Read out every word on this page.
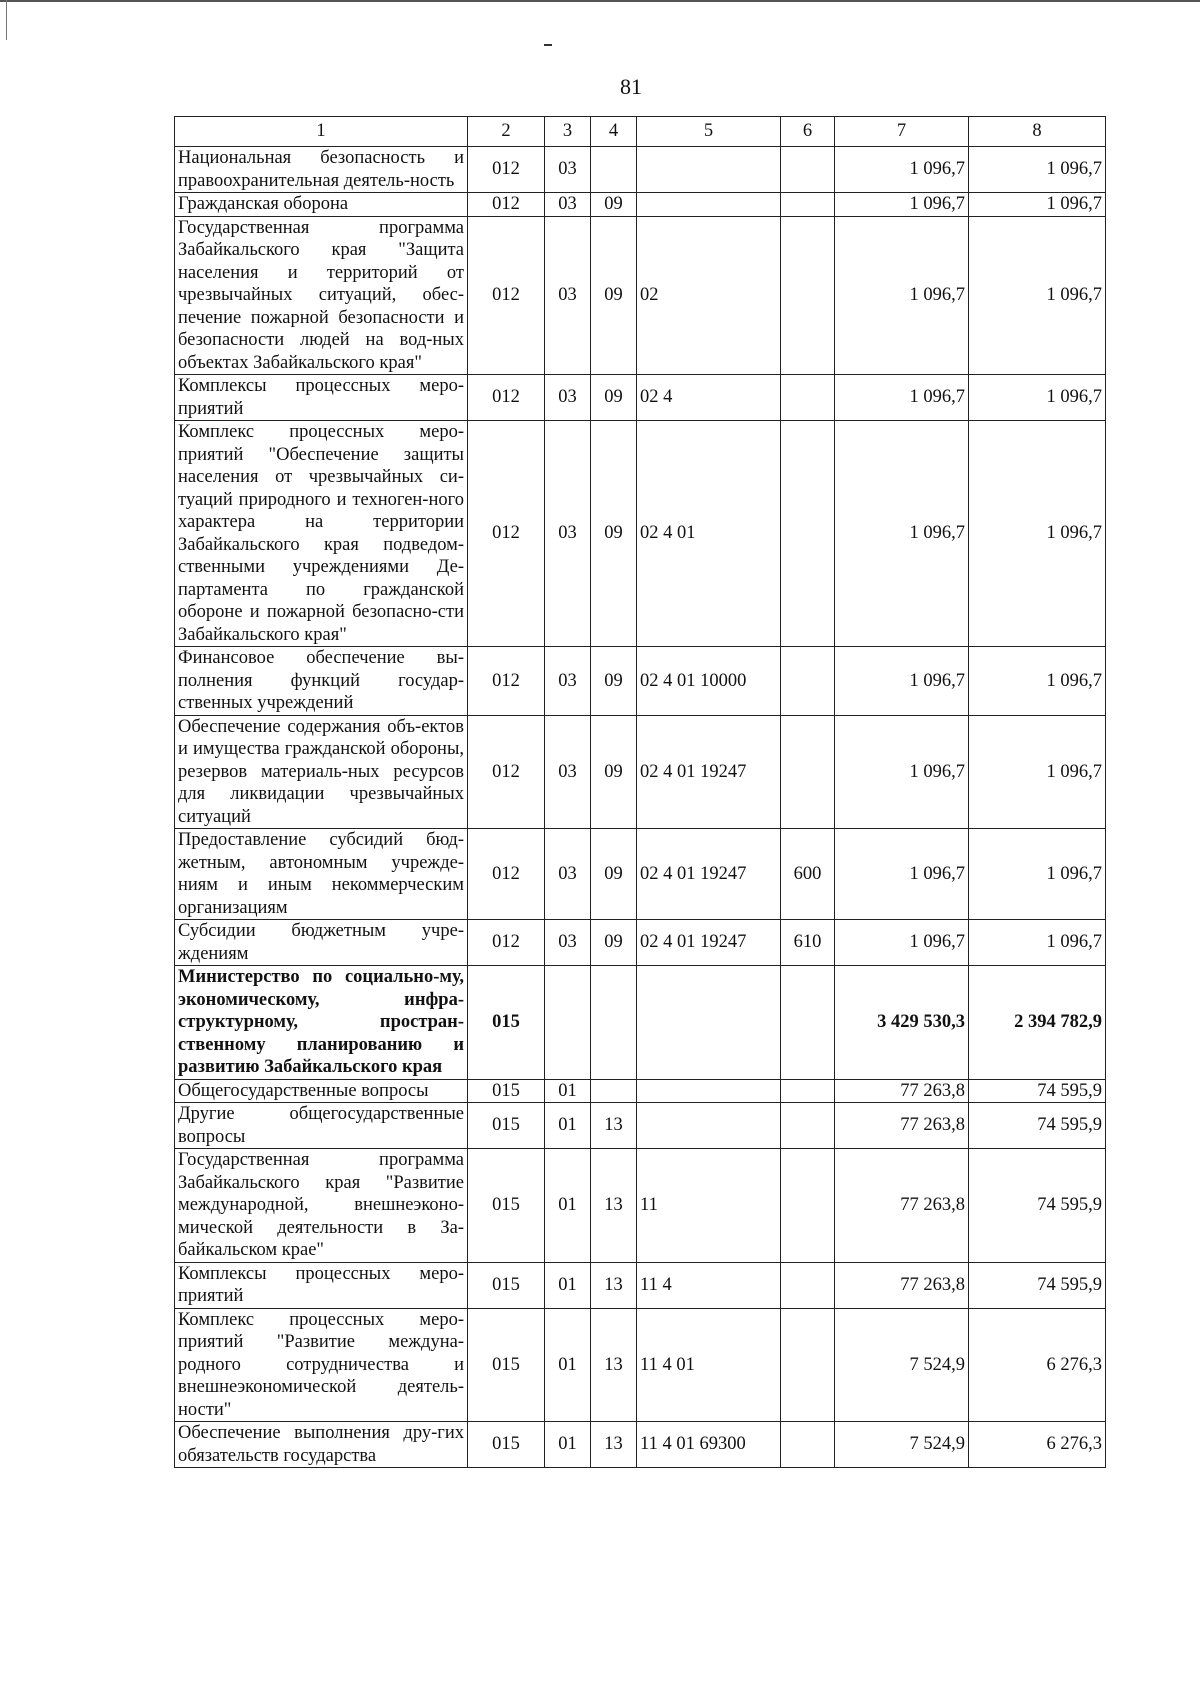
81
1	2	3	4	5	6	7	8
Национальная безопасность и правоохранительная деятель-ность	012	03				1 096,7	1 096,7
Гражданская оборона	012	03	09			1 096,7	1 096,7
Государственная программа Забайкальского края "Защита населения и территорий от чрезвычайных ситуаций, обес-печение пожарной безопасности и безопасности людей на вод-ных объектах Забайкальского края"	012	03	09	02		1 096,7	1 096,7
Комплексы процессных меро-приятий	012	03	09	02 4		1 096,7	1 096,7
Комплекс процессных меро-приятий "Обеспечение защиты населения от чрезвычайных си-туаций природного и техноген-ного характера на территории Забайкальского края подведом-ственными учреждениями Де-партамента по гражданской обороне и пожарной безопасно-сти Забайкальского края"	012	03	09	02 4 01		1 096,7	1 096,7
Финансовое обеспечение вы-полнения функций государ-ственных учреждений	012	03	09	02 4 01 10000		1 096,7	1 096,7
Обеспечение содержания объ-ектов и имущества гражданской обороны, резервов материаль-ных ресурсов для ликвидации чрезвычайных ситуаций	012	03	09	02 4 01 19247		1 096,7	1 096,7
Предоставление субсидий бюд-жетным, автономным учрежде-ниям и иным некоммерческим организациям	012	03	09	02 4 01 19247	600	1 096,7	1 096,7
Субсидии бюджетным учре-ждениям	012	03	09	02 4 01 19247	610	1 096,7	1 096,7
Министерство по социально-му, экономическому, инфра-структурному, простран-ственному планированию и развитию Забайкальского края	015					3 429 530,3	2 394 782,9
Общегосударственные вопросы	015	01				77 263,8	74 595,9
Другие общегосударственные вопросы	015	01	13			77 263,8	74 595,9
Государственная программа Забайкальского края "Развитие международной, внешнеэконо-мической деятельности в За-байкальском крае"	015	01	13	11		77 263,8	74 595,9
Комплексы процессных меро-приятий	015	01	13	11 4		77 263,8	74 595,9
Комплекс процессных меро-приятий "Развитие междуна-родного сотрудничества и внешнеэкономической деятель-ности"	015	01	13	11 4 01		7 524,9	6 276,3
Обеспечение выполнения дру-гих обязательств государства	015	01	13	11 4 01 69300		7 524,9	6 276,3
